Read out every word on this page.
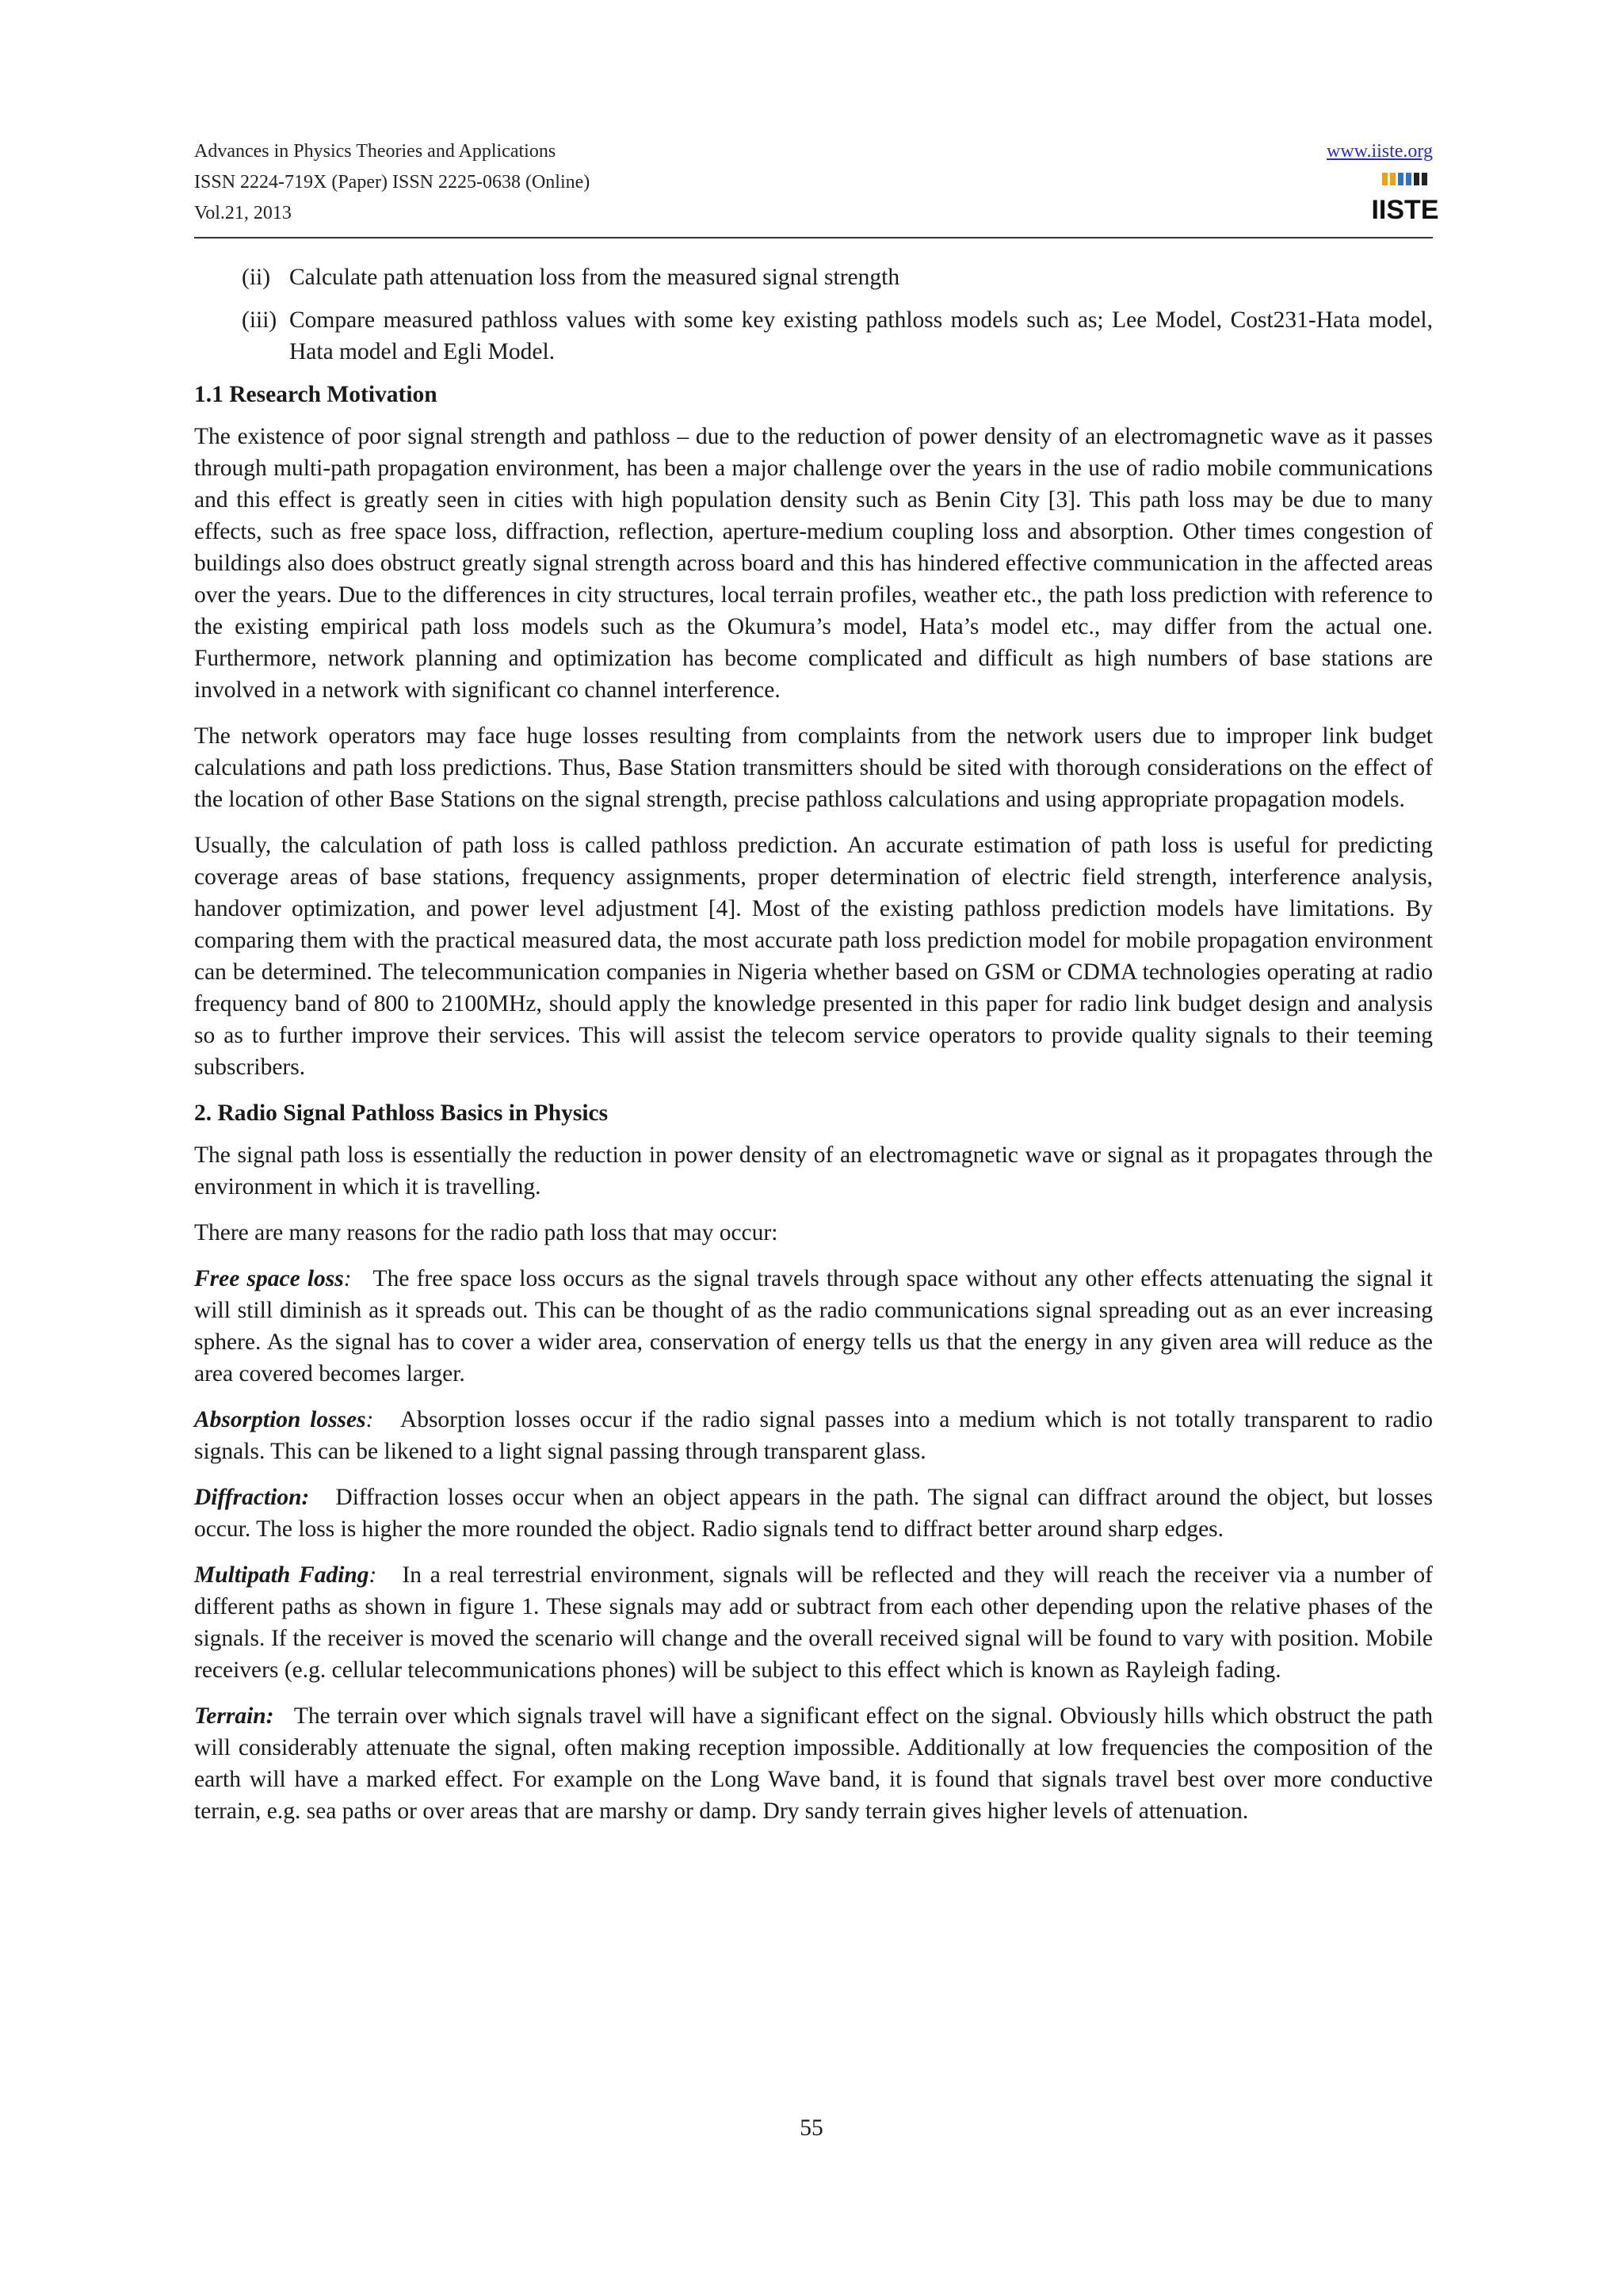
Advances in Physics Theories and Applications

ISSN 2224-719X (Paper) ISSN 2225-0638 (Online)

Vol.21, 2013

www.iiste.org
IISTE
(ii) Calculate path attenuation loss from the measured signal strength
(iii) Compare measured pathloss values with some key existing pathloss models such as; Lee Model, Cost231-Hata model, Hata model and Egli Model.
1.1 Research Motivation

The existence of poor signal strength and pathloss – due to the reduction of power density of an electromagnetic wave as it passes through multi-path propagation environment, has been a major challenge over the years in the use of radio mobile communications and this effect is greatly seen in cities with high population density such as Benin City [3]. This path loss may be due to many effects, such as free space loss, diffraction, reflection, aperture-medium coupling loss and absorption. Other times congestion of buildings also does obstruct greatly signal strength across board and this has hindered effective communication in the affected areas over the years. Due to the differences in city structures, local terrain profiles, weather etc., the path loss prediction with reference to the existing empirical path loss models such as the Okumura’s model, Hata’s model etc., may differ from the actual one. Furthermore, network planning and optimization has become complicated and difficult as high numbers of base stations are involved in a network with significant co channel interference.

The network operators may face huge losses resulting from complaints from the network users due to improper link budget calculations and path loss predictions. Thus, Base Station transmitters should be sited with thorough considerations on the effect of the location of other Base Stations on the signal strength, precise pathloss calculations and using appropriate propagation models.

Usually, the calculation of path loss is called pathloss prediction. An accurate estimation of path loss is useful for predicting coverage areas of base stations, frequency assignments, proper determination of electric field strength, interference analysis, handover optimization, and power level adjustment [4]. Most of the existing pathloss prediction models have limitations. By comparing them with the practical measured data, the most accurate path loss prediction model for mobile propagation environment can be determined. The telecommunication companies in Nigeria whether based on GSM or CDMA technologies operating at radio frequency band of 800 to 2100MHz, should apply the knowledge presented in this paper for radio link budget design and analysis so as to further improve their services. This will assist the telecom service operators to provide quality signals to their teeming subscribers.

2. Radio Signal Pathloss Basics in Physics

The signal path loss is essentially the reduction in power density of an electromagnetic wave or signal as it propagates through the environment in which it is travelling.

There are many reasons for the radio path loss that may occur:

Free space loss: The free space loss occurs as the signal travels through space without any other effects attenuating the signal it will still diminish as it spreads out. This can be thought of as the radio communications signal spreading out as an ever increasing sphere. As the signal has to cover a wider area, conservation of energy tells us that the energy in any given area will reduce as the area covered becomes larger.

Absorption losses: Absorption losses occur if the radio signal passes into a medium which is not totally transparent to radio signals. This can be likened to a light signal passing through transparent glass.

Diffraction: Diffraction losses occur when an object appears in the path. The signal can diffract around the object, but losses occur. The loss is higher the more rounded the object. Radio signals tend to diffract better around sharp edges.

Multipath Fading: In a real terrestrial environment, signals will be reflected and they will reach the receiver via a number of different paths as shown in figure 1. These signals may add or subtract from each other depending upon the relative phases of the signals. If the receiver is moved the scenario will change and the overall received signal will be found to vary with position. Mobile receivers (e.g. cellular telecommunications phones) will be subject to this effect which is known as Rayleigh fading.

Terrain: The terrain over which signals travel will have a significant effect on the signal. Obviously hills which obstruct the path will considerably attenuate the signal, often making reception impossible. Additionally at low frequencies the composition of the earth will have a marked effect. For example on the Long Wave band, it is found that signals travel best over more conductive terrain, e.g. sea paths or over areas that are marshy or damp. Dry sandy terrain gives higher levels of attenuation.

55
